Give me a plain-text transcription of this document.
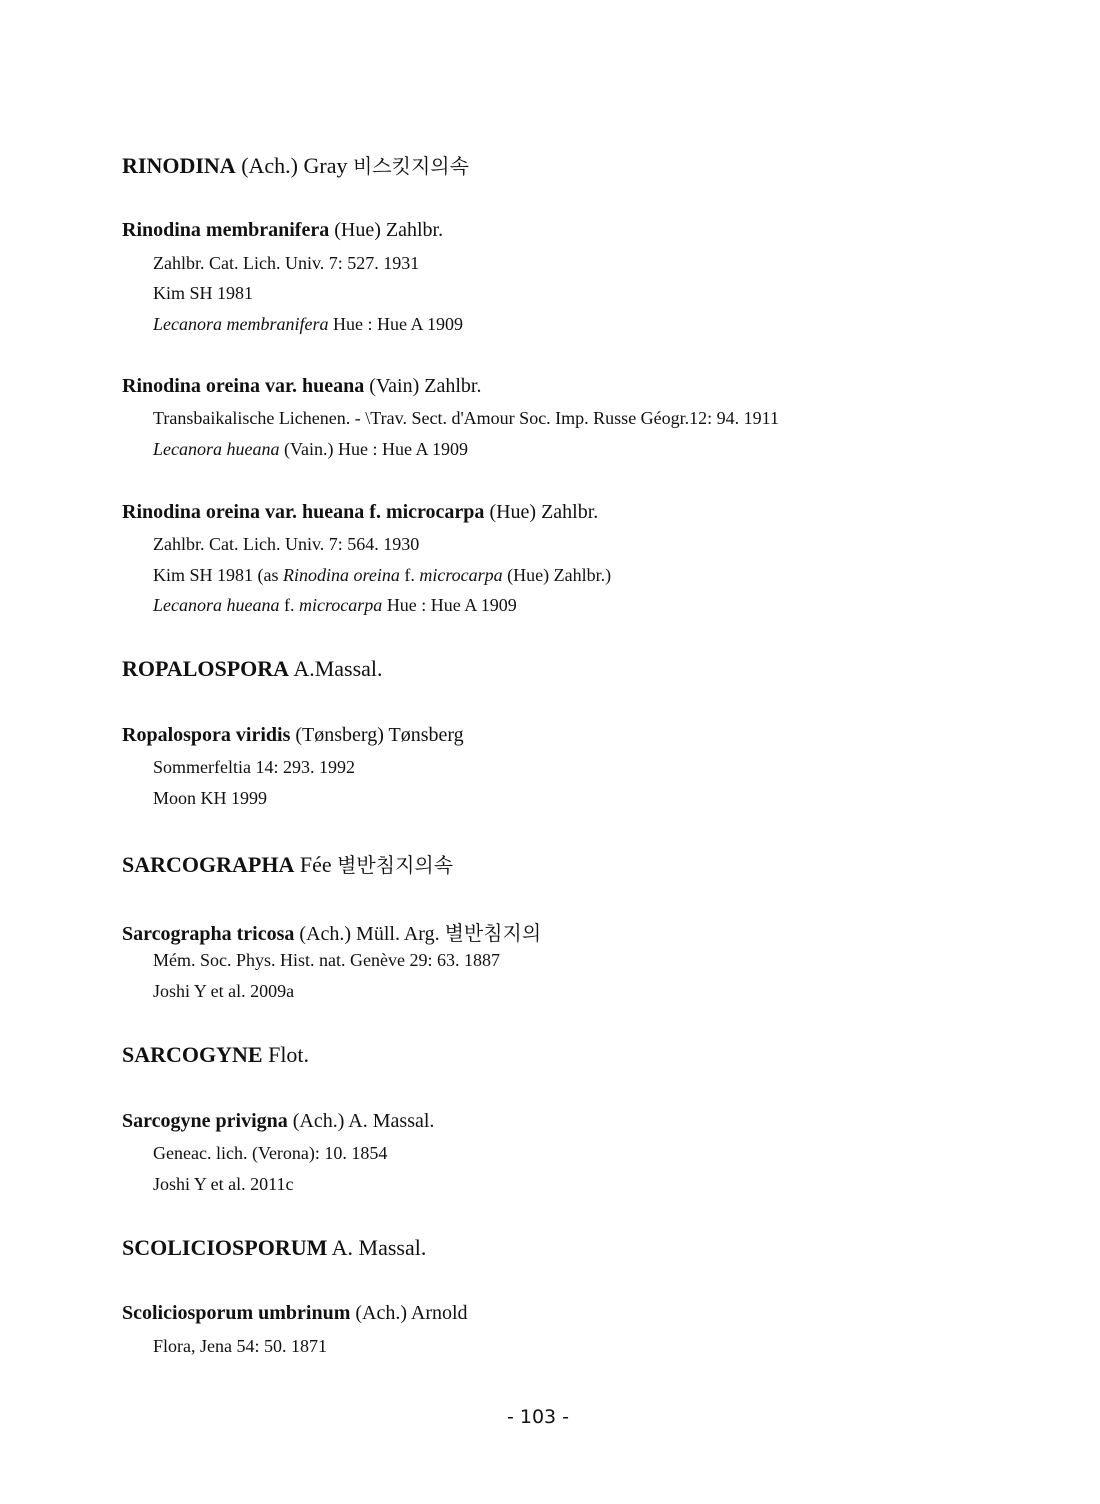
RINODINA (Ach.) Gray 비스킷지의속
Rinodina membranifera (Hue) Zahlbr.
Zahlbr. Cat. Lich. Univ. 7: 527. 1931
Kim SH 1981
Lecanora membranifera Hue : Hue A 1909
Rinodina oreina var. hueana (Vain) Zahlbr.
Transbaikalische Lichenen. - \Trav. Sect. d'Amour Soc. Imp. Russe Géogr.12: 94. 1911
Lecanora hueana (Vain.) Hue : Hue A 1909
Rinodina oreina var. hueana f. microcarpa (Hue) Zahlbr.
Zahlbr. Cat. Lich. Univ. 7: 564. 1930
Kim SH 1981 (as Rinodina oreina f. microcarpa (Hue) Zahlbr.)
Lecanora hueana f. microcarpa Hue : Hue A 1909
ROPALOSPORA A.Massal.
Ropalospora viridis (Tønsberg) Tønsberg
Sommerfeltia 14: 293. 1992
Moon KH 1999
SARCOGRAPHA Fée 별반침지의속
Sarcographa tricosa (Ach.) Müll. Arg. 별반침지의
Mém. Soc. Phys. Hist. nat. Genève 29: 63. 1887
Joshi Y et al. 2009a
SARCOGYNE Flot.
Sarcogyne privigna (Ach.) A. Massal.
Geneac. lich. (Verona): 10. 1854
Joshi Y et al. 2011c
SCOLICIOSPORUM A. Massal.
Scoliciosporum umbrinum (Ach.) Arnold
Flora, Jena 54: 50. 1871
- 103 -
